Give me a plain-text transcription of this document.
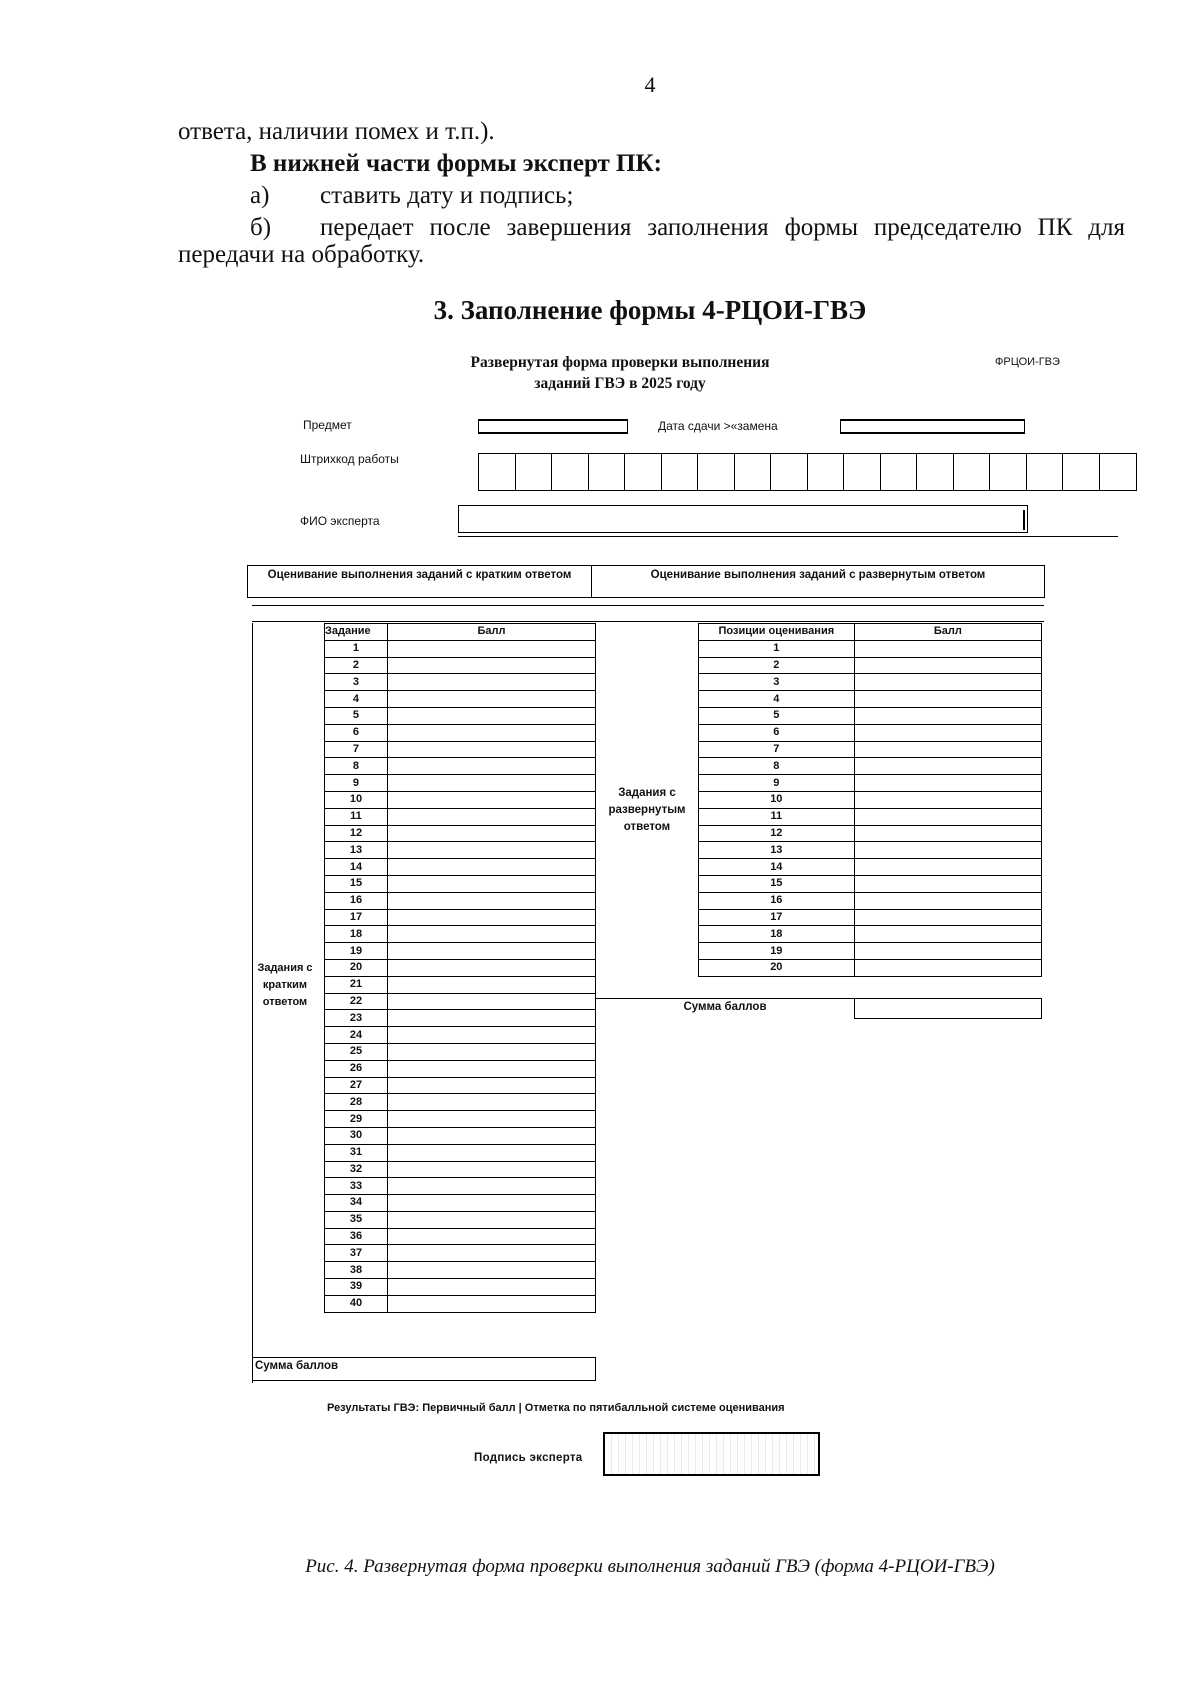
4
ответа, наличии помех и т.п.).
В нижней части формы эксперт ПК:
а) ставить дату и подпись;
б) передает после завершения заполнения формы председателю ПК для
передачи на обработку.
3. Заполнение формы 4-РЦОИ-ГВЭ
Развернутая форма проверки выполнения
заданий ГВЭ в 2025 году
ФРЦОИ-ГВЭ
Предмет	Дата сдачи >«замена
Штрихкод работы
ФИО эксперта
Оценивание выполнения заданий с кратким ответом	Оценивание выполнения заданий с развернутым ответом
Задание	Балл
1	
2	
3	
4	
5	
6	
7	
8	
9	
10	
11	
12	
13	
14	
15	
16	
17	
18	
19	
20	
21	
22	
23	
24	
25	
26	
27	
28	
29	
30	
31	
32	
33	
34	
35	
36	
37	
38	
39	
40	
Задания с кратким ответом
Сумма баллов
Задания с развернутым ответом
Позиции оценивания	Балл
1	
2	
3	
4	
5	
6	
7	
8	
9	
10	
11	
12	
13	
14	
15	
16	
17	
18	
19	
20	
Сумма баллов
Результаты ГВЭ: Первичный балл | Отметка по пятибалльной системе оценивания
Подпись эксперта
Рис. 4. Развернутая форма проверки выполнения заданий ГВЭ (форма 4-РЦОИ-ГВЭ)
